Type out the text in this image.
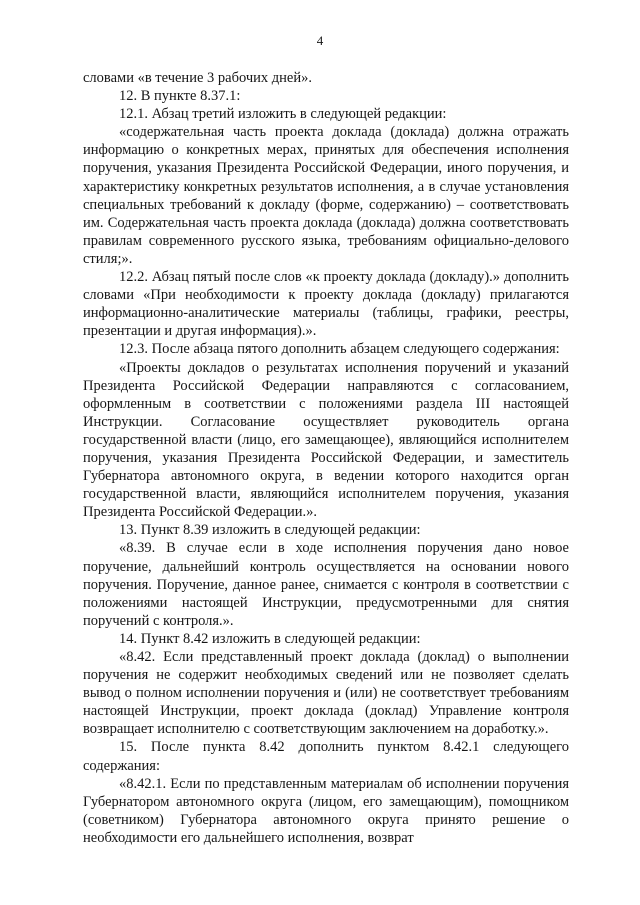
4

словами «в течение 3 рабочих дней».

12. В пункте 8.37.1:

12.1. Абзац третий изложить в следующей редакции:

«содержательная часть проекта доклада (доклада) должна отражать информацию о конкретных мерах, принятых для обеспечения исполнения поручения, указания Президента Российской Федерации, иного поручения, и характеристику конкретных результатов исполнения, а в случае установления специальных требований к докладу (форме, содержанию) – соответствовать им. Содержательная часть проекта доклада (доклада) должна соответствовать правилам современного русского языка, требованиям официально-делового стиля;».

12.2. Абзац пятый после слов «к проекту доклада (докладу).» дополнить словами «При необходимости к проекту доклада (докладу) прилагаются информационно-аналитические материалы (таблицы, графики, реестры, презентации и другая информация).».

12.3. После абзаца пятого дополнить абзацем следующего содержания:

«Проекты докладов о результатах исполнения поручений и указаний Президента Российской Федерации направляются с согласованием, оформленным в соответствии с положениями раздела III настоящей Инструкции. Согласование осуществляет руководитель органа государственной власти (лицо, его замещающее), являющийся исполнителем поручения, указания Президента Российской Федерации, и заместитель Губернатора автономного округа, в ведении которого находится орган государственной власти, являющийся исполнителем поручения, указания Президента Российской Федерации.».

13. Пункт 8.39 изложить в следующей редакции:

«8.39. В случае если в ходе исполнения поручения дано новое поручение, дальнейший контроль осуществляется на основании нового поручения. Поручение, данное ранее, снимается с контроля в соответствии с положениями настоящей Инструкции, предусмотренными для снятия поручений с контроля.».

14. Пункт 8.42 изложить в следующей редакции:

«8.42. Если представленный проект доклада (доклад) о выполнении поручения не содержит необходимых сведений или не позволяет сделать вывод о полном исполнении поручения и (или) не соответствует требованиям настоящей Инструкции, проект доклада (доклад) Управление контроля возвращает исполнителю с соответствующим заключением на доработку.».

15. После пункта 8.42 дополнить пунктом 8.42.1 следующего содержания:

«8.42.1. Если по представленным материалам об исполнении поручения Губернатором автономного округа (лицом, его замещающим), помощником (советником) Губернатора автономного округа принято решение о необходимости его дальнейшего исполнения, возврат
